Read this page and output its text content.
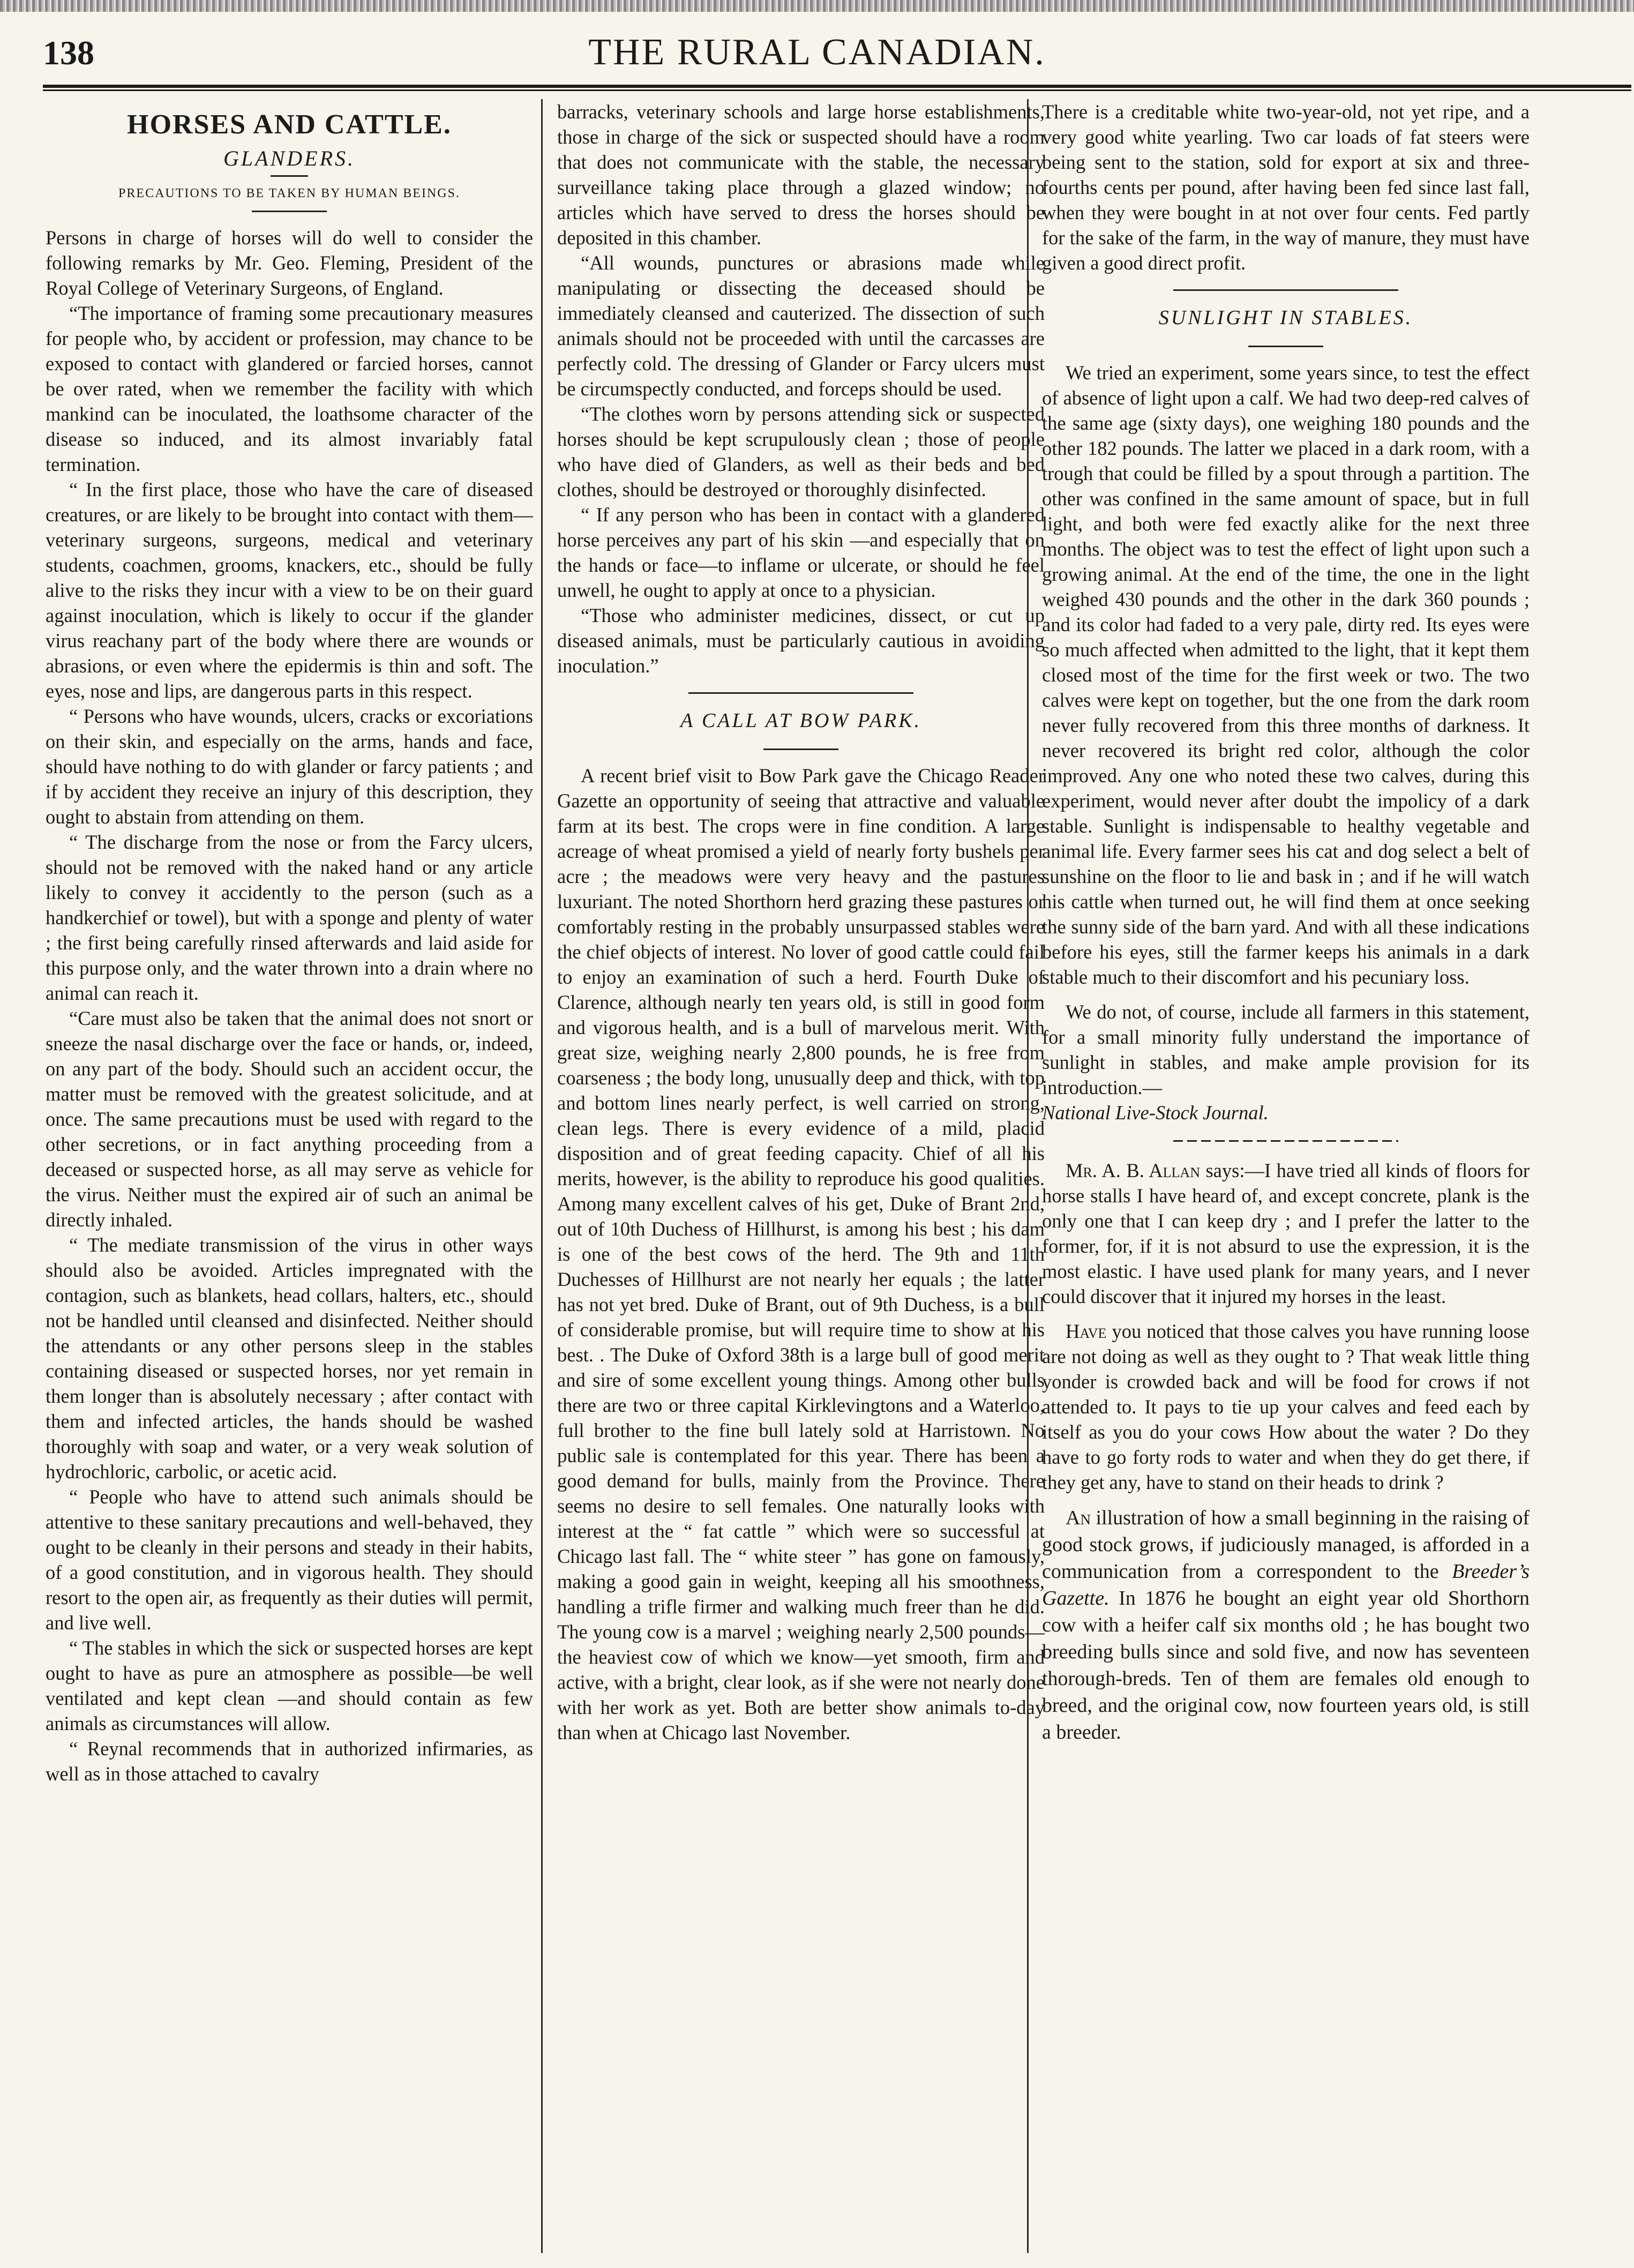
138	THE RURAL CANADIAN.
HORSES AND CATTLE.
GLANDERS.
PRECAUTIONS TO BE TAKEN BY HUMAN BEINGS.

Persons in charge of horses will do well to consider the following remarks by Mr. Geo. Fleming, President of the Royal College of Veterinary Surgeons, of England.

“The importance of framing some precautionary measures for people who, by accident or profession, may chance to be exposed to contact with glandered or farcied horses, cannot be over rated, when we remember the facility with which mankind can be inoculated, the loathsome character of the disease so induced, and its almost invariably fatal termination.

“ In the first place, those who have the care of diseased creatures, or are likely to be brought into contact with them—veterinary surgeons, surgeons, medical and veterinary students, coachmen, grooms, knackers, etc., should be fully alive to the risks they incur with a view to be on their guard against inoculation, which is likely to occur if the glander virus reachany part of the body where there are wounds or abrasions, or even where the epidermis is thin and soft. The eyes, nose and lips, are dangerous parts in this respect.

“ Persons who have wounds, ulcers, cracks or excoriations on their skin, and especially on the arms, hands and face, should have nothing to do with glander or farcy patients ; and if by accident they receive an injury of this description, they ought to abstain from attending on them.

“ The discharge from the nose or from the Farcy ulcers, should not be removed with the naked hand or any article likely to convey it accidently to the person (such as a handkerchief or towel), but with a sponge and plenty of water ; the first being carefully rinsed afterwards and laid aside for this purpose only, and the water thrown into a drain where no animal can reach it.

“Care must also be taken that the animal does not snort or sneeze the nasal discharge over the face or hands, or, indeed, on any part of the body. Should such an accident occur, the matter must be removed with the greatest solicitude, and at once. The same precautions must be used with regard to the other secretions, or in fact anything proceeding from a deceased or suspected horse, as all may serve as vehicle for the virus. Neither must the expired air of such an animal be directly inhaled.

“ The mediate transmission of the virus in other ways should also be avoided. Articles impregnated with the contagion, such as blankets, head collars, halters, etc., should not be handled until cleansed and disinfected. Neither should the attendants or any other persons sleep in the stables containing diseased or suspected horses, nor yet remain in them longer than is absolutely necessary ; after contact with them and infected articles, the hands should be washed thoroughly with soap and water, or a very weak solution of hydrochloric, carbolic, or acetic acid.

“ People who have to attend such animals should be attentive to these sanitary precautions and well-behaved, they ought to be cleanly in their persons and steady in their habits, of a good constitution, and in vigorous health. They should resort to the open air, as frequently as their duties will permit, and live well.

“ The stables in which the sick or suspected horses are kept ought to have as pure an atmosphere as possible—be well ventilated and kept clean —and should contain as few animals as circumstances will allow.

“ Reynal recommends that in authorized infirmaries, as well as in those attached to cavalry

barracks, veterinary schools and large horse establishments, those in charge of the sick or suspected should have a room that does not communicate with the stable, the necessary surveillance taking place through a glazed window; no articles which have served to dress the horses should be deposited in this chamber.

“All wounds, punctures or abrasions made while manipulating or dissecting the deceased should be immediately cleansed and cauterized. The dissection of such animals should not be proceeded with until the carcasses are perfectly cold. The dressing of Glander or Farcy ulcers must be circumspectly conducted, and forceps should be used.

“The clothes worn by persons attending sick or suspected horses should be kept scrupulously clean ; those of people who have died of Glanders, as well as their beds and bed clothes, should be destroyed or thoroughly disinfected.

“ If any person who has been in contact with a glandered horse perceives any part of his skin —and especially that on the hands or face—to inflame or ulcerate, or should he feel unwell, he ought to apply at once to a physician.

“Those who administer medicines, dissect, or cut up diseased animals, must be particularly cautious in avoiding inoculation.”

A CALL AT BOW PARK.

A recent brief visit to Bow Park gave the Chicago Reader Gazette an opportunity of seeing that attractive and valuable farm at its best. The crops were in fine condition. A large acreage of wheat promised a yield of nearly forty bushels per acre ; the meadows were very heavy and the pastures luxuriant. The noted Shorthorn herd grazing these pastures or comfortably resting in the probably unsurpassed stables were the chief objects of interest. No lover of good cattle could fail to enjoy an examination of such a herd. Fourth Duke of Clarence, although nearly ten years old, is still in good form and vigorous health, and is a bull of marvelous merit. With great size, weighing nearly 2,800 pounds, he is free from coarseness ; the body long, unusually deep and thick, with top and bottom lines nearly perfect, is well carried on strong, clean legs. There is every evidence of a mild, placid disposition and of great feeding capacity. Chief of all his merits, however, is the ability to reproduce his good qualities. Among many excellent calves of his get, Duke of Brant 2nd, out of 10th Duchess of Hillhurst, is among his best ; his dam is one of the best cows of the herd. The 9th and 11th Duchesses of Hillhurst are not nearly her equals ; the latter has not yet bred. Duke of Brant, out of 9th Duchess, is a bull of considerable promise, but will require time to show at his best. . The Duke of Oxford 38th is a large bull of good merit and sire of some excellent young things. Among other bulls there are two or three capital Kirklevingtons and a Waterloo, full brother to the fine bull lately sold at Harristown. No public sale is contemplated for this year. There has been a good demand for bulls, mainly from the Province. There seems no desire to sell females. One naturally looks with interest at the “ fat cattle ” which were so successful at Chicago last fall. The “ white steer ” has gone on famously, making a good gain in weight, keeping all his smoothness, handling a trifle firmer and walking much freer than he did. The young cow is a marvel ; weighing nearly 2,500 pounds—the heaviest cow of which we know—yet smooth, firm and active, with a bright, clear look, as if she were not nearly done with her work as yet. Both are better show animals to-day than when at Chicago last November.

There is a creditable white two-year-old, not yet ripe, and a very good white yearling. Two car loads of fat steers were being sent to the station, sold for export at six and three-fourths cents per pound, after having been fed since last fall, when they were bought in at not over four cents. Fed partly for the sake of the farm, in the way of manure, they must have given a good direct profit.

SUNLIGHT IN STABLES.

We tried an experiment, some years since, to test the effect of absence of light upon a calf. We had two deep-red calves of the same age (sixty days), one weighing 180 pounds and the other 182 pounds. The latter we placed in a dark room, with a trough that could be filled by a spout through a partition. The other was confined in the same amount of space, but in full light, and both were fed exactly alike for the next three months. The object was to test the effect of light upon such a growing animal. At the end of the time, the one in the light weighed 430 pounds and the other in the dark 360 pounds ; and its color had faded to a very pale, dirty red. Its eyes were so much affected when admitted to the light, that it kept them closed most of the time for the first week or two. The two calves were kept on together, but the one from the dark room never fully recovered from this three months of darkness. It never recovered its bright red color, although the color improved. Any one who noted these two calves, during this experiment, would never after doubt the impolicy of a dark stable. Sunlight is indispensable to healthy vegetable and animal life. Every farmer sees his cat and dog select a belt of sunshine on the floor to lie and bask in ; and if he will watch his cattle when turned out, he will find them at once seeking the sunny side of the barn yard. And with all these indications before his eyes, still the farmer keeps his animals in a dark stable much to their discomfort and his pecuniary loss.

We do not, of course, include all farmers in this statement, for a small minority fully understand the importance of sunlight in stables, and make ample provision for its introduction.—

National Live-Stock Journal.

Mr. A. B. Allan says:—I have tried all kinds of floors for horse stalls I have heard of, and except concrete, plank is the only one that I can keep dry ; and I prefer the latter to the former, for, if it is not absurd to use the expression, it is the most elastic. I have used plank for many years, and I never could discover that it injured my horses in the least.

Have you noticed that those calves you have running loose are not doing as well as they ought to ? That weak little thing yonder is crowded back and will be food for crows if not attended to. It pays to tie up your calves and feed each by itself as you do your cows How about the water ? Do they have to go forty rods to water and when they do get there, if they get any, have to stand on their heads to drink ?

An illustration of how a small beginning in the raising of good stock grows, if judiciously managed, is afforded in a communication from a correspondent to the Breeder’s Gazette. In 1876 he bought an eight year old Shorthorn cow with a heifer calf six months old ; he has bought two breeding bulls since and sold five, and now has seventeen thorough-breds. Ten of them are females old enough to breed, and the original cow, now fourteen years old, is still a breeder.
